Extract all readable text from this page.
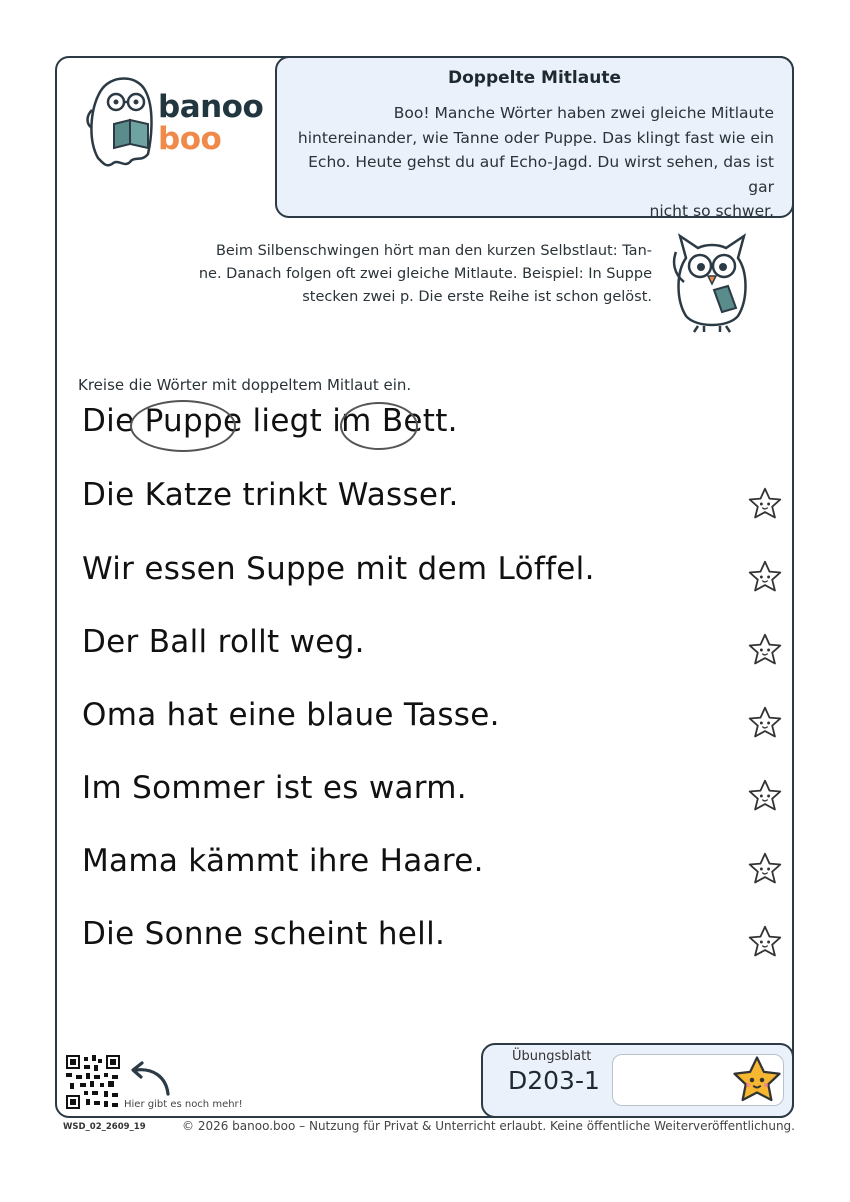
banoo
boo
Doppelte Mitlaute
Boo! Manche Wörter haben zwei gleiche Mitlaute
hintereinander, wie Tanne oder Puppe. Das klingt fast wie ein
Echo. Heute gehst du auf Echo-Jagd. Du wirst sehen, das ist gar
nicht so schwer.
Beim Silbenschwingen hört man den kurzen Selbstlaut: Tan-
ne. Danach folgen oft zwei gleiche Mitlaute. Beispiel: In Suppe
stecken zwei p. Die erste Reihe ist schon gelöst.
Kreise die Wörter mit doppeltem Mitlaut ein.
Die Puppe liegt im Bett.
Die Katze trinkt Wasser.
Wir essen Suppe mit dem Löffel.
Der Ball rollt weg.
Oma hat eine blaue Tasse.
Im Sommer ist es warm.
Mama kämmt ihre Haare.
Die Sonne scheint hell.
Hier gibt es noch mehr!
WSD_02_2609_19	© 2026 banoo.boo – Nutzung für Privat & Unterricht erlaubt. Keine öffentliche Weiterveröffentlichung.
Übungsblatt
D203-1
